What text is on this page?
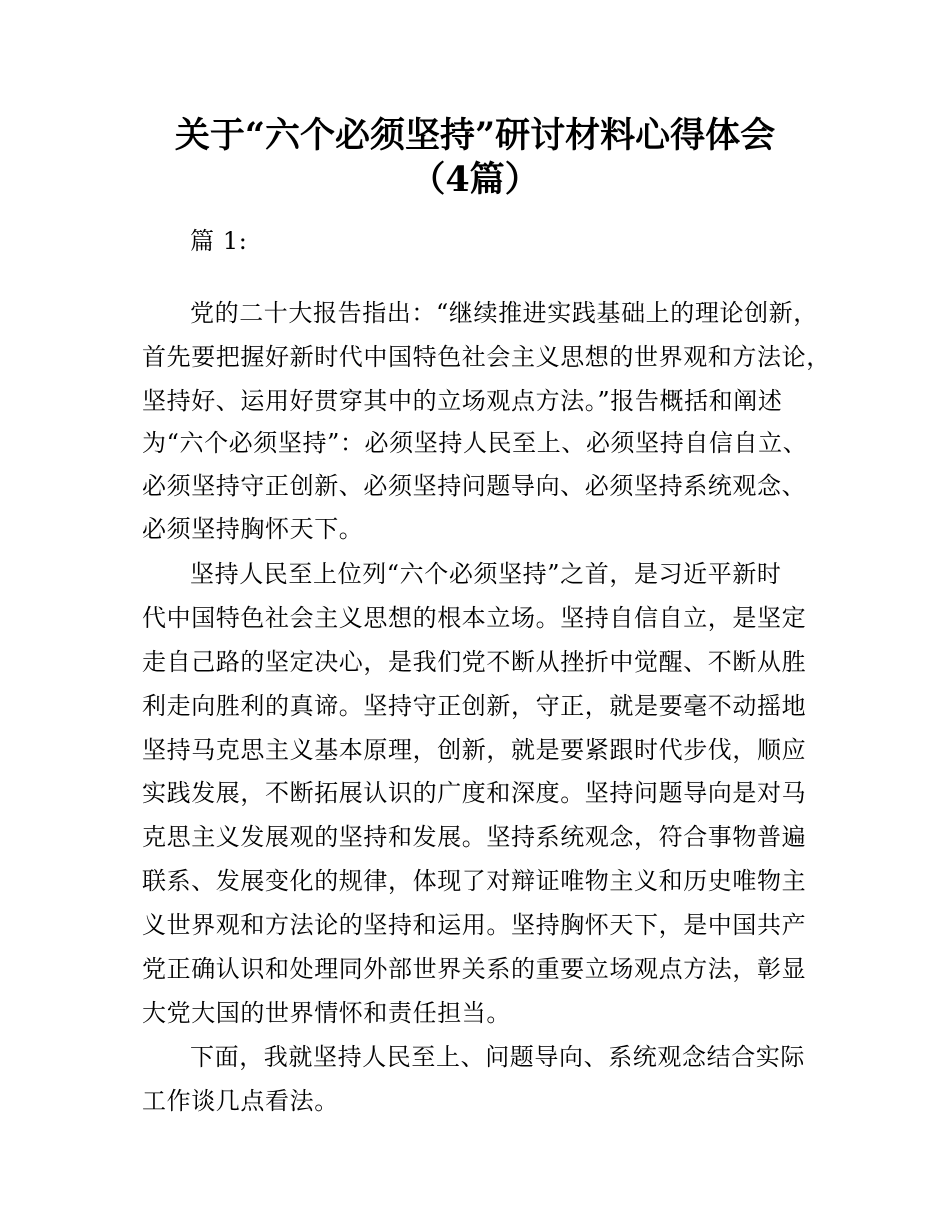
关于“六个必须坚持”研讨材料心得体会
（4篇）
篇 1:
党的二十大报告指出：“继续推进实践基础上的理论创新，
首先要把握好新时代中国特色社会主义思想的世界观和方法论，
坚持好、运用好贯穿其中的立场观点方法。”报告概括和阐述
为“六个必须坚持”：必须坚持人民至上、必须坚持自信自立、
必须坚持守正创新、必须坚持问题导向、必须坚持系统观念、
必须坚持胸怀天下。
坚持人民至上位列“六个必须坚持”之首，是习近平新时
代中国特色社会主义思想的根本立场。坚持自信自立，是坚定
走自己路的坚定决心，是我们党不断从挫折中觉醒、不断从胜
利走向胜利的真谛。坚持守正创新，守正，就是要毫不动摇地
坚持马克思主义基本原理，创新，就是要紧跟时代步伐，顺应
实践发展，不断拓展认识的广度和深度。坚持问题导向是对马
克思主义发展观的坚持和发展。坚持系统观念，符合事物普遍
联系、发展变化的规律，体现了对辩证唯物主义和历史唯物主
义世界观和方法论的坚持和运用。坚持胸怀天下，是中国共产
党正确认识和处理同外部世界关系的重要立场观点方法，彰显
大党大国的世界情怀和责任担当。
下面，我就坚持人民至上、问题导向、系统观念结合实际
工作谈几点看法。
